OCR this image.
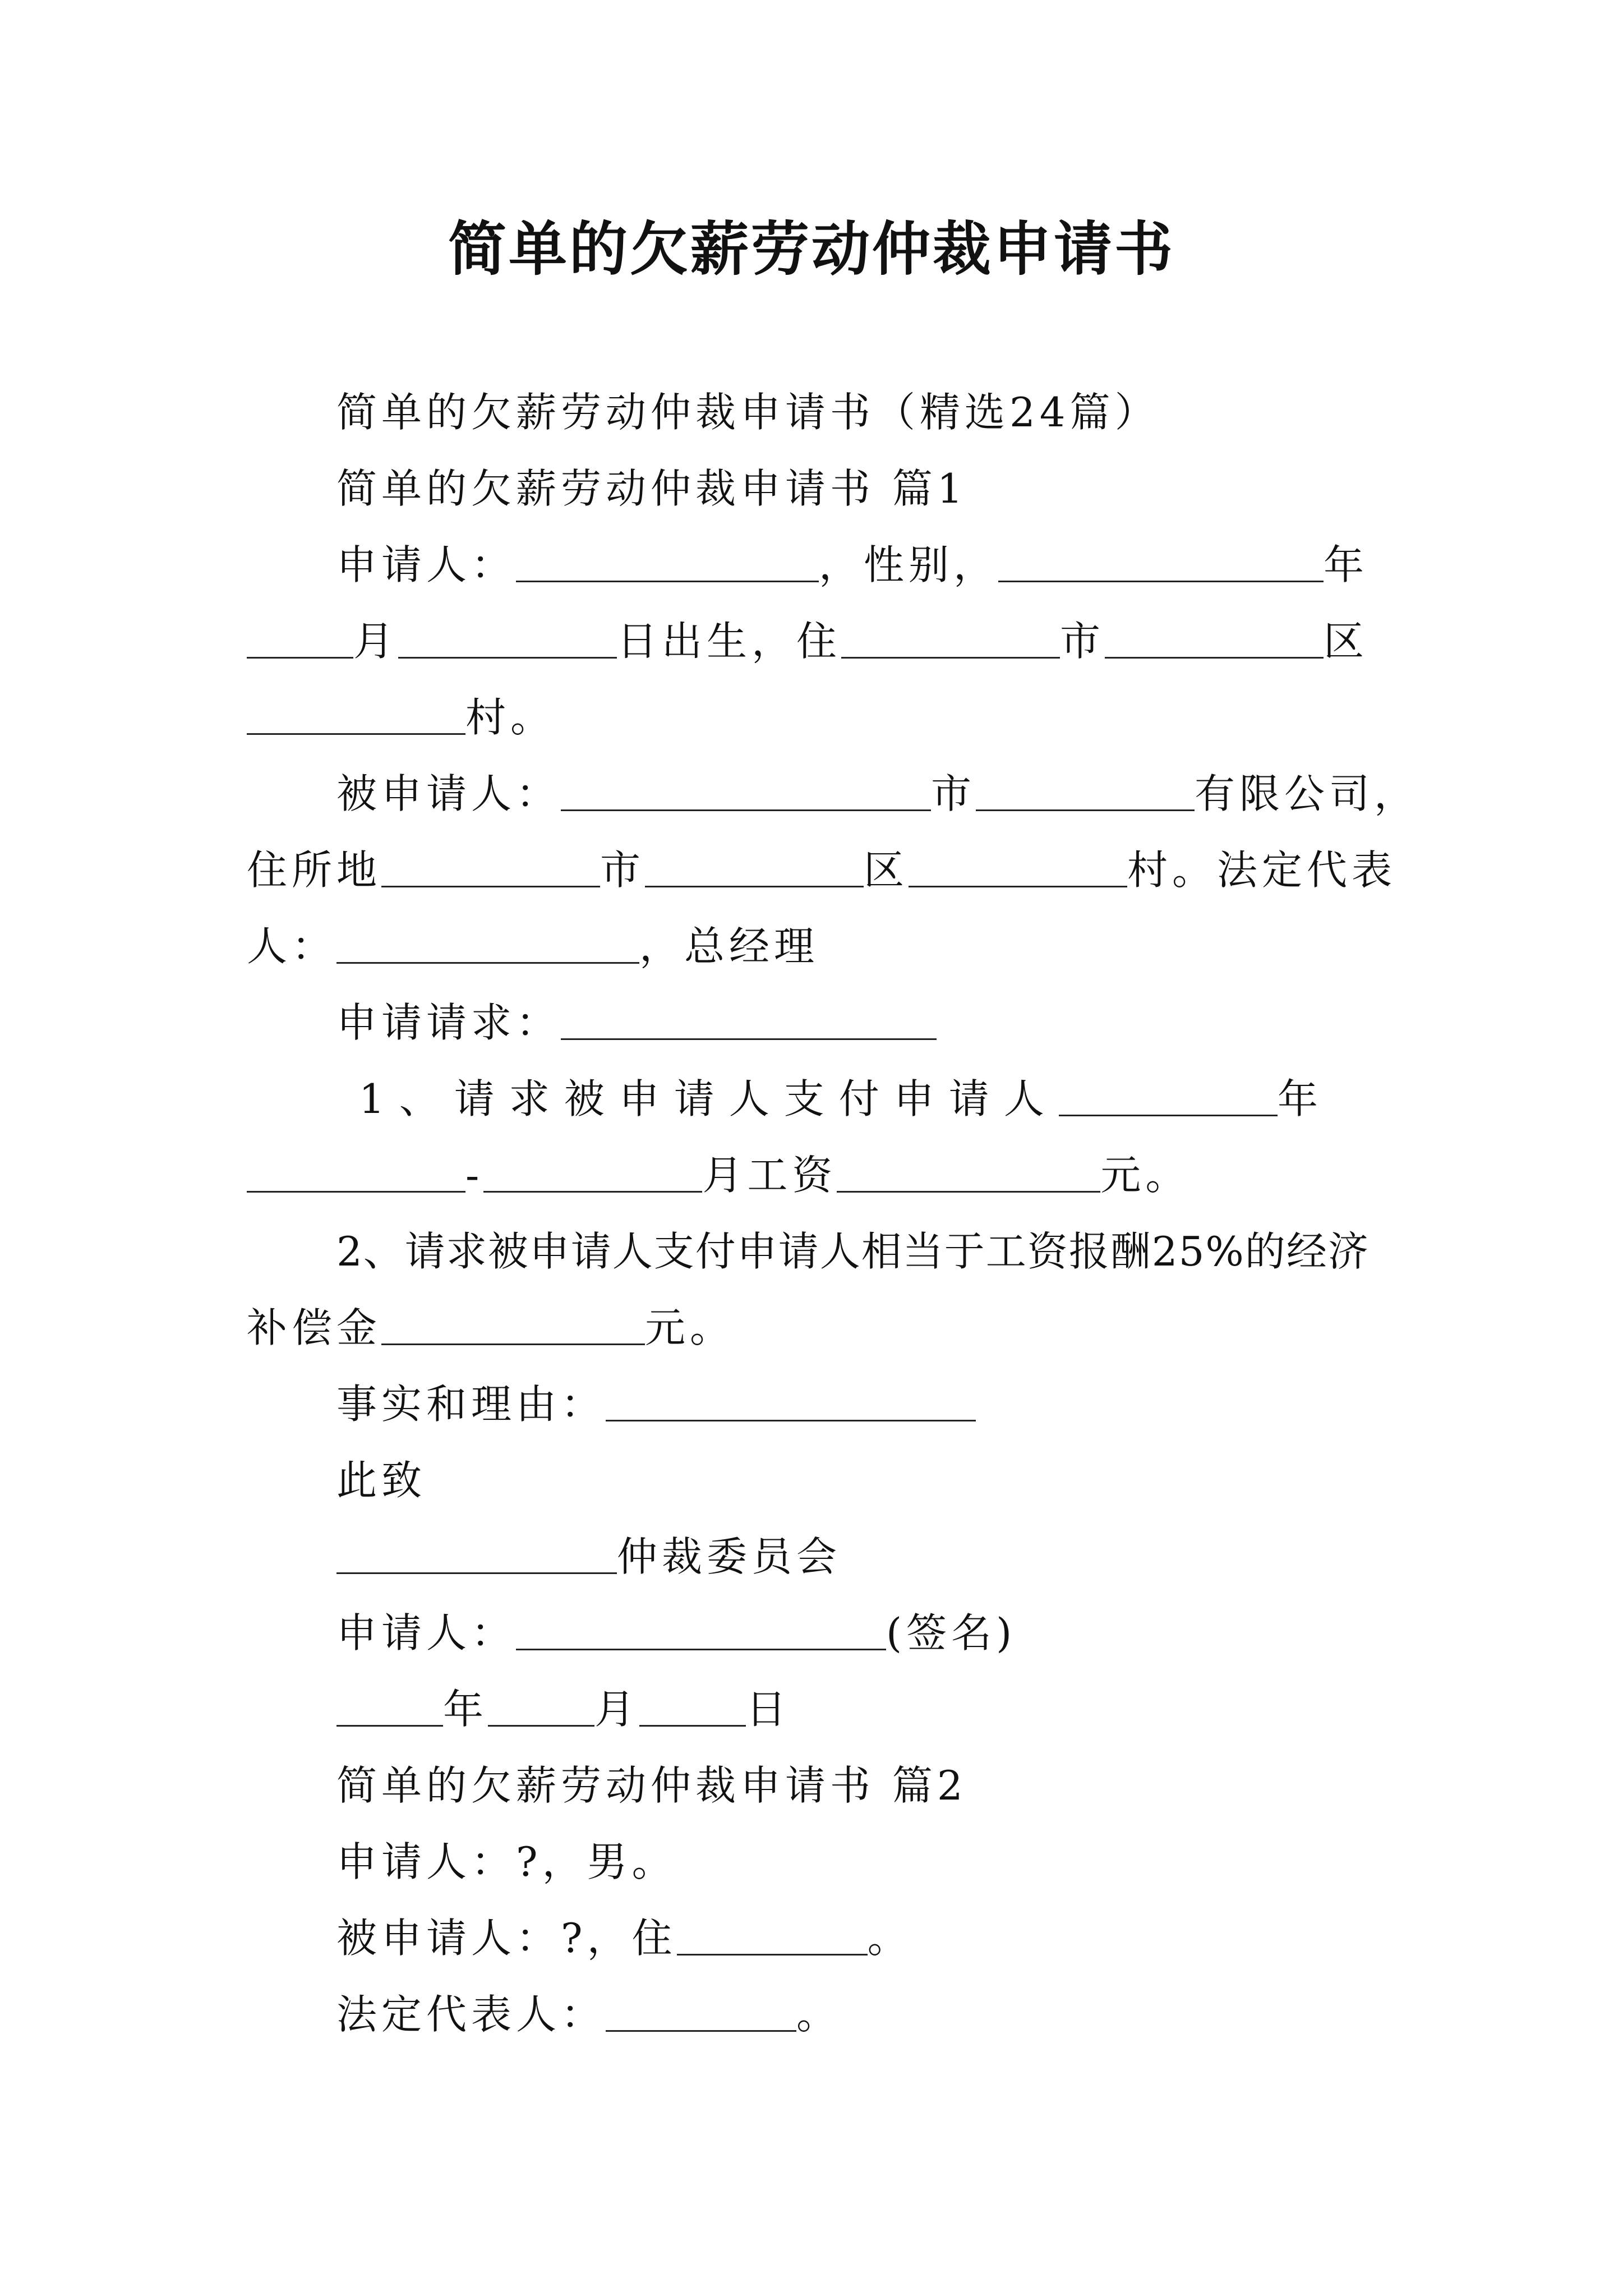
简单的欠薪劳动仲裁申请书
简单的欠薪劳动仲裁申请书（精选24篇）
简单的欠薪劳动仲裁申请书 篇1
申请人：	，性别，	年
月	日出生，住	市	区
村。
被申请人：	市	有限公司，
住所地	市	区	村。法定代表
人：	，总经理
申请请求：
1、请求被申请人支付申请人	年
-	月工资	元。
2、请求被申请人支付申请人相当于工资报酬25%的经济
补偿金	元。
事实和理由：
此致
仲裁委员会
申请人：	(签名)
年	月	日
简单的欠薪劳动仲裁申请书 篇2
申请人：?，男。
被申请人：?，住	。
法定代表人：	。
